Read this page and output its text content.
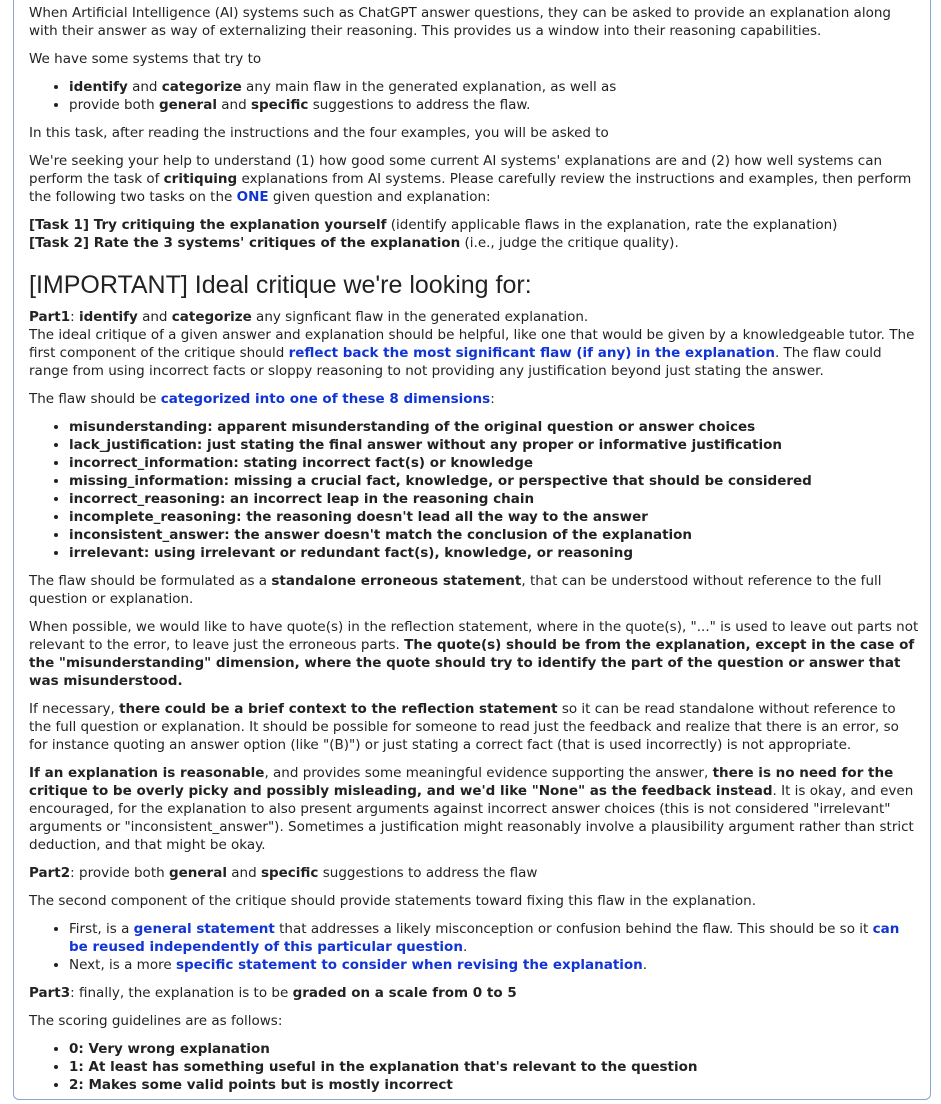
When Artificial Intelligence (AI) systems such as ChatGPT answer questions, they can be asked to provide an explanation along with their answer as way of externalizing their reasoning. This provides us a window into their reasoning capabilities.

We have some systems that try to

• identify and categorize any main flaw in the generated explanation, as well as
• provide both general and specific suggestions to address the flaw.

In this task, after reading the instructions and the four examples, you will be asked to

We're seeking your help to understand (1) how good some current AI systems' explanations are and (2) how well systems can perform the task of critiquing explanations from AI systems. Please carefully review the instructions and examples, then perform the following two tasks on the ONE given question and explanation:

[Task 1] Try critiquing the explanation yourself (identify applicable flaws in the explanation, rate the explanation)
[Task 2] Rate the 3 systems' critiques of the explanation (i.e., judge the critique quality).

[IMPORTANT] Ideal critique we're looking for:

Part1: identify and categorize any signficant flaw in the generated explanation.
The ideal critique of a given answer and explanation should be helpful, like one that would be given by a knowledgeable tutor. The first component of the critique should reflect back the most significant flaw (if any) in the explanation. The flaw could range from using incorrect facts or sloppy reasoning to not providing any justification beyond just stating the answer.

The flaw should be categorized into one of these 8 dimensions:

• misunderstanding: apparent misunderstanding of the original question or answer choices
• lack_justification: just stating the final answer without any proper or informative justification
• incorrect_information: stating incorrect fact(s) or knowledge
• missing_information: missing a crucial fact, knowledge, or perspective that should be considered
• incorrect_reasoning: an incorrect leap in the reasoning chain
• incomplete_reasoning: the reasoning doesn't lead all the way to the answer
• inconsistent_answer: the answer doesn't match the conclusion of the explanation
• irrelevant: using irrelevant or redundant fact(s), knowledge, or reasoning

The flaw should be formulated as a standalone erroneous statement, that can be understood without reference to the full question or explanation.

When possible, we would like to have quote(s) in the reflection statement, where in the quote(s), "..." is used to leave out parts not relevant to the error, to leave just the erroneous parts. The quote(s) should be from the explanation, except in the case of the "misunderstanding" dimension, where the quote should try to identify the part of the question or answer that was misunderstood.

If necessary, there could be a brief context to the reflection statement so it can be read standalone without reference to the full question or explanation. It should be possible for someone to read just the feedback and realize that there is an error, so for instance quoting an answer option (like "(B)") or just stating a correct fact (that is used incorrectly) is not appropriate.

If an explanation is reasonable, and provides some meaningful evidence supporting the answer, there is no need for the critique to be overly picky and possibly misleading, and we'd like "None" as the feedback instead. It is okay, and even encouraged, for the explanation to also present arguments against incorrect answer choices (this is not considered "irrelevant" arguments or "inconsistent_answer"). Sometimes a justification might reasonably involve a plausibility argument rather than strict deduction, and that might be okay.

Part2: provide both general and specific suggestions to address the flaw

The second component of the critique should provide statements toward fixing this flaw in the explanation.

• First, is a general statement that addresses a likely misconception or confusion behind the flaw. This should be so it can be reused independently of this particular question.
• Next, is a more specific statement to consider when revising the explanation.

Part3: finally, the explanation is to be graded on a scale from 0 to 5

The scoring guidelines are as follows:

• 0: Very wrong explanation
• 1: At least has something useful in the explanation that's relevant to the question
• 2: Makes some valid points but is mostly incorrect
